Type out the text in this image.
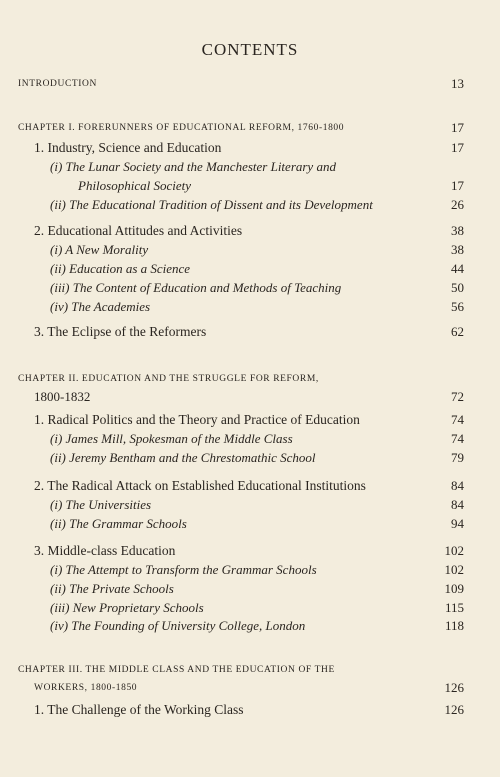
CONTENTS
INTRODUCTION	13
CHAPTER I. FORERUNNERS OF EDUCATIONAL REFORM, 1760-1800	17
1. Industry, Science and Education	17
(i) The Lunar Society and the Manchester Literary and
Philosophical Society	17
(ii) The Educational Tradition of Dissent and its Development	26
2. Educational Attitudes and Activities	38
(i) A New Morality	38
(ii) Education as a Science	44
(iii) The Content of Education and Methods of Teaching	50
(iv) The Academies	56
3. The Eclipse of the Reformers	62
CHAPTER II. EDUCATION AND THE STRUGGLE FOR REFORM,
1800-1832	72
1. Radical Politics and the Theory and Practice of Education	74
(i) James Mill, Spokesman of the Middle Class	74
(ii) Jeremy Bentham and the Chrestomathic School	79
2. The Radical Attack on Established Educational Institutions	84
(i) The Universities	84
(ii) The Grammar Schools	94
3. Middle-class Education	102
(i) The Attempt to Transform the Grammar Schools	102
(ii) The Private Schools	109
(iii) New Proprietary Schools	115
(iv) The Founding of University College, London	118
CHAPTER III. THE MIDDLE CLASS AND THE EDUCATION OF THE
WORKERS, 1800-1850	126
1. The Challenge of the Working Class	126
